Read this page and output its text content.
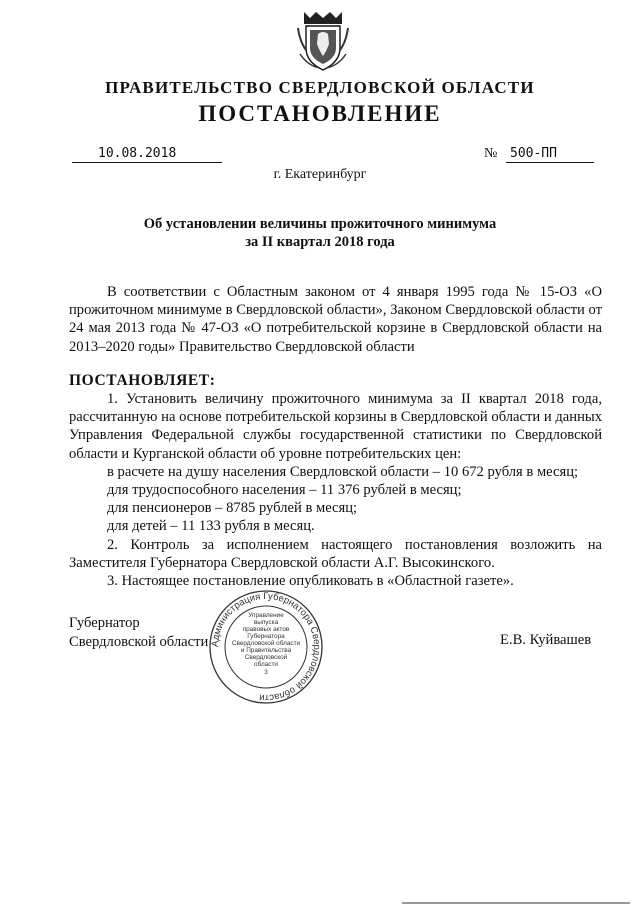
ПРАВИТЕЛЬСТВО СВЕРДЛОВСКОЙ ОБЛАСТИ
ПОСТАНОВЛЕНИЕ
10.08.2018	№ 500-ПП
г. Екатеринбург
Об установлении величины прожиточного минимума
за II квартал 2018 года

В соответствии с Областным законом от 4 января 1995 года № 15-ОЗ «О прожиточном минимуме в Свердловской области», Законом Свердловской области от 24 мая 2013 года № 47-ОЗ «О потребительской корзине в Свердловской области на 2013–2020 годы» Правительство Свердловской области

ПОСТАНОВЛЯЕТ:

1. Установить величину прожиточного минимума за II квартал 2018 года, рассчитанную на основе потребительской корзины в Свердловской области и данных Управления Федеральной службы государственной статистики по Свердловской области и Курганской области об уровне потребительских цен:

в расчете на душу населения Свердловской области – 10 672 рубля в месяц;

для трудоспособного населения – 11 376 рублей в месяц;

для пенсионеров – 8785 рублей в месяц;

для детей – 11 133 рубля в месяц.

2. Контроль за исполнением настоящего постановления возложить на Заместителя Губернатора Свердловской области А.Г. Высокинского.

3. Настоящее постановление опубликовать в «Областной газете».

Губернатор
Свердловской области	Е.В. Куйвашев
Администрация Губернатора Свердловской области
Управление
выпуска
правовых актов
Губернатора
Свердловской области
и Правительства
Свердловской
области
3
